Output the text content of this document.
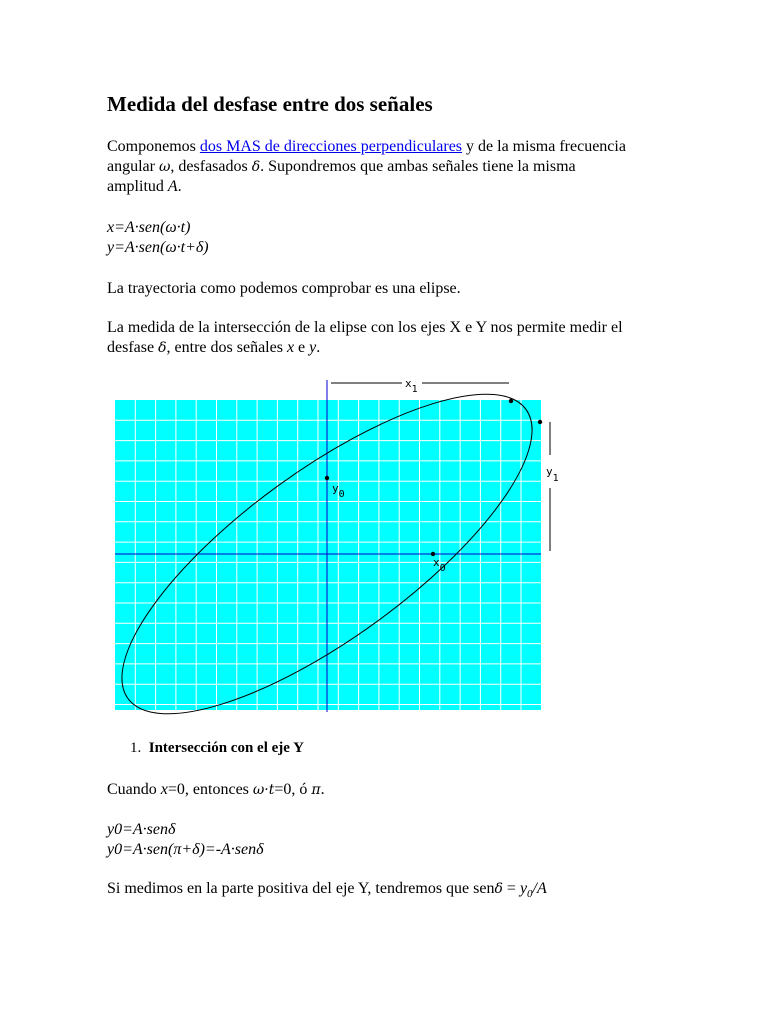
Medida del desfase entre dos señales

Componemos dos MAS de direcciones perpendiculares y de la misma frecuencia
angular ω, desfasados δ. Supondremos que ambas señales tiene la misma
amplitud A.

x=A·sen(ω·t)
y=A·sen(ω·t+δ)

La trayectoria como podemos comprobar es una elipse.

La medida de la intersección de la elipse con los ejes X e Y nos permite medir el
desfase δ, entre dos señales x e y.

x1
y1
y0
x0
1. Intersección con el eje Y

Cuando x=0, entonces ω·t=0, ó π.

y0=A·senδ
y0=A·sen(π+δ)=-A·senδ

Si medimos en la parte positiva del eje Y, tendremos que $sen\delta = y_0/A$
